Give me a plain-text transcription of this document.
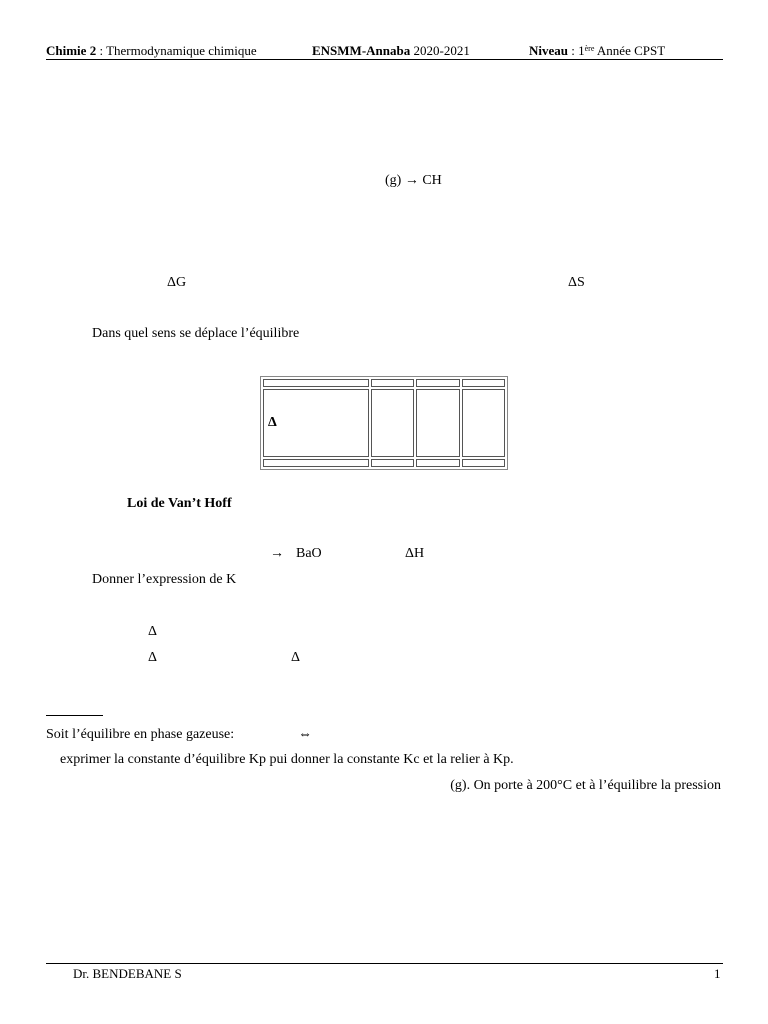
Chimie 2 : Thermodynamique chimique	ENSMM-Annaba 2020-2021	Niveau : 1ère Année CPST
(g) → CH
ΔG	ΔS
Dans quel sens se déplace l’équilibre

Δ			

Loi de Van’t Hoff
→ BaO	ΔH
Donner l’expression de K
Δ
Δ	Δ
Soit l’équilibre en phase gazeuse:	⇔
exprimer la constante d’équilibre Kp pui donner la constante Kc et la relier à Kp.
(g). On porte à 200°C et à l’équilibre la pression
Dr. BENDEBANE S	1
